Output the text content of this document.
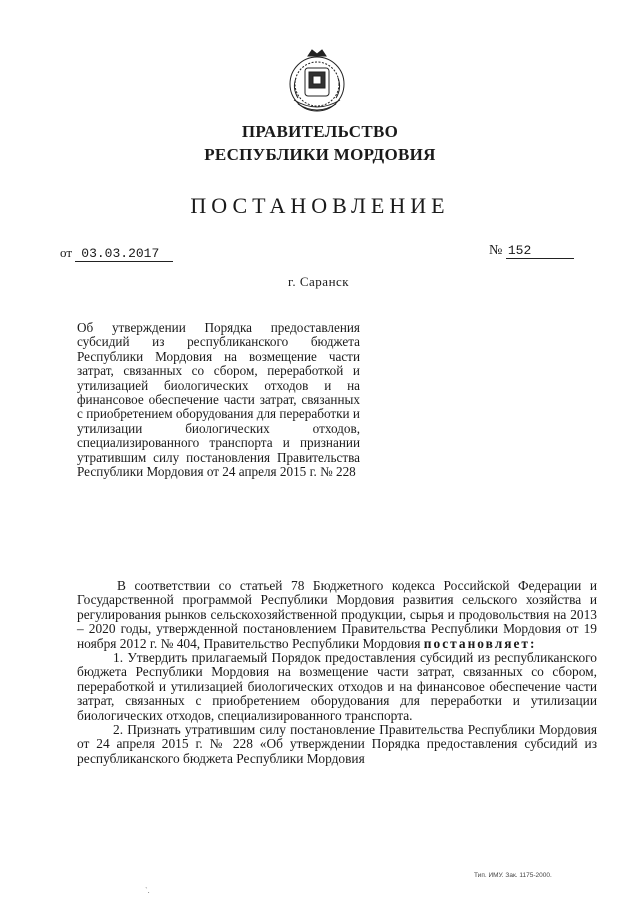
ПРАВИТЕЛЬСТВО
РЕСПУБЛИКИ МОРДОВИЯ
ПОСТАНОВЛЕНИЕ
от 03.03.2017	№ 152
г. Саранск
Об утверждении Порядка предоставления субсидий из республиканского бюджета Республики Мордовия на возмещение части затрат, связанных со сбором, переработкой и утилизацией биологических отходов и на финансовое обеспечение части затрат, связанных с приобретением оборудования для переработки и утилизации биологических отходов, специализированного транспорта и признании утратившим силу постановления Правительства Республики Мордовия от 24 апреля 2015 г. № 228

В соответствии со статьей 78 Бюджетного кодекса Российской Федерации и Государственной программой Республики Мордовия развития сельского хозяйства и регулирования рынков сельскохозяйственной продукции, сырья и продовольствия на 2013 – 2020 годы, утвержденной постановлением Правительства Республики Мордовия от 19 ноября 2012 г. № 404, Правительство Республики Мордовия постановляет:

1. Утвердить прилагаемый Порядок предоставления субсидий из республиканского бюджета Республики Мордовия на возмещение части затрат, связанных со сбором, переработкой и утилизацией биологических отходов и на финансовое обеспечение части затрат, связанных с приобретением оборудования для переработки и утилизации биологических отходов, специализированного транспорта.

2. Признать утратившим силу постановление Правительства Республики Мордовия от 24 апреля 2015 г. № 228 «Об утверждении Порядка предоставления субсидий из республиканского бюджета Республики Мордовия

Тип. ИМУ. Зак. 1175-2000.
`.
